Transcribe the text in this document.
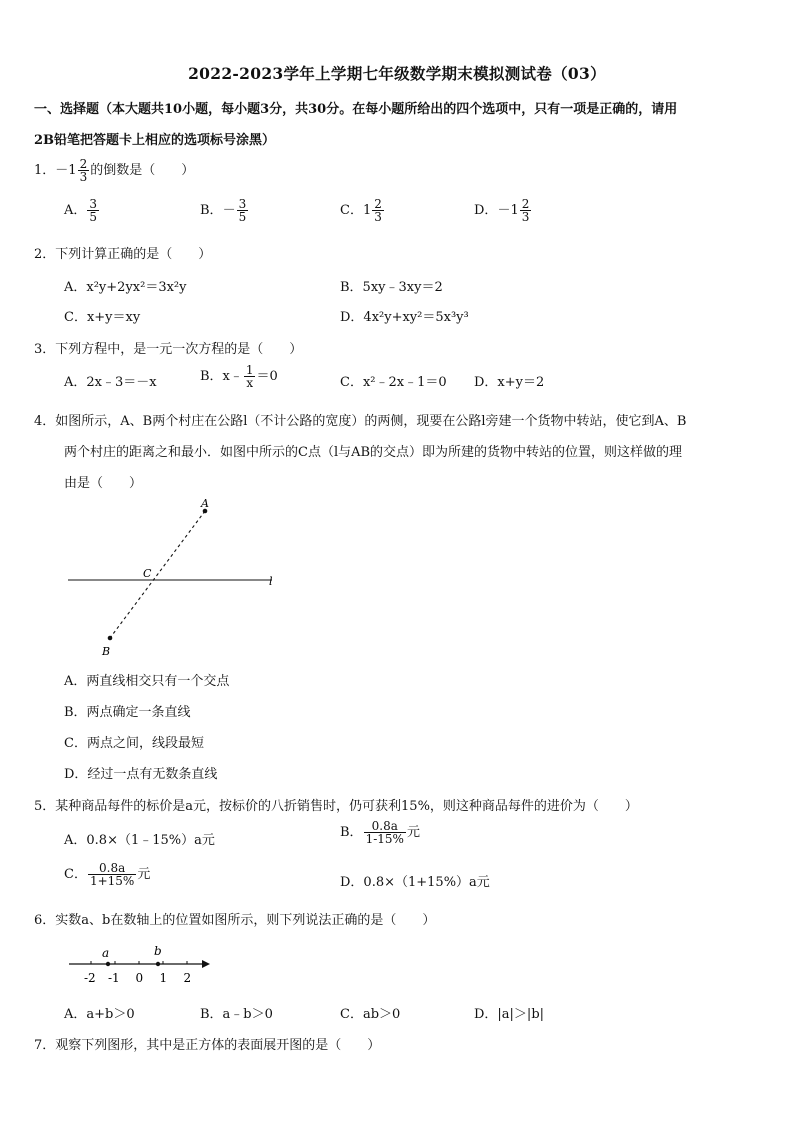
2022-2023学年上学期七年级数学期末模拟测试卷（03）
一、选择题（本大题共10小题，每小题3分，共30分。在每小题所给出的四个选项中，只有一项是正确的，请用
2B铅笔把答题卡上相应的选项标号涂黑）
1．$-1 \frac{2}{3}$ 的倒数是（　　）
A． $\frac{3}{5}$	B．－ $\frac{3}{5}$	C．$1 \frac{2}{3}$	D．$-1 \frac{2}{3}$
2．下列计算正确的是（　　）
A．x²y+2yx²＝3x²y	B．5xy﹣3xy＝2
C．x+y＝xy	D．4x²y+xy²＝5x³y³
3．下列方程中，是一元一次方程的是（　　）
A．2x﹣3＝－x	B．x﹣ $\frac{1}{x} =0$	C．x²﹣2x﹣1＝0 D．x+y＝2
4．如图所示，A、B两个村庄在公路l（不计公路的宽度）的两侧，现要在公路l旁建一个货物中转站，使它到A、B
两个村庄的距离之和最小．如图中所示的C点（l与AB的交点）即为所建的货物中转站的位置，则这样做的理
由是（　　）
A
B
C
l
A．两直线相交只有一个交点
B．两点确定一条直线
C．两点之间，线段最短
D．经过一点有无数条直线
5．某种商品每件的标价是a元，按标价的八折销售时，仍可获利15%，则这种商品每件的进价为（　　）
A．0.8×（1﹣15%）a元
B． $\frac{0.8a}{1-15\%}$ 元
C． $\frac{0.8a}{1+15\%}$ 元
D．0.8×（1+15%）a元
6．实数a、b在数轴上的位置如图所示，则下列说法正确的是（　　）
-2 -1 0 1 2
a	b
A．a+b＞0	B．a﹣b＞0	C．ab＞0	D．|a|＞|b|
7．观察下列图形，其中是正方体的表面展开图的是（　　）
